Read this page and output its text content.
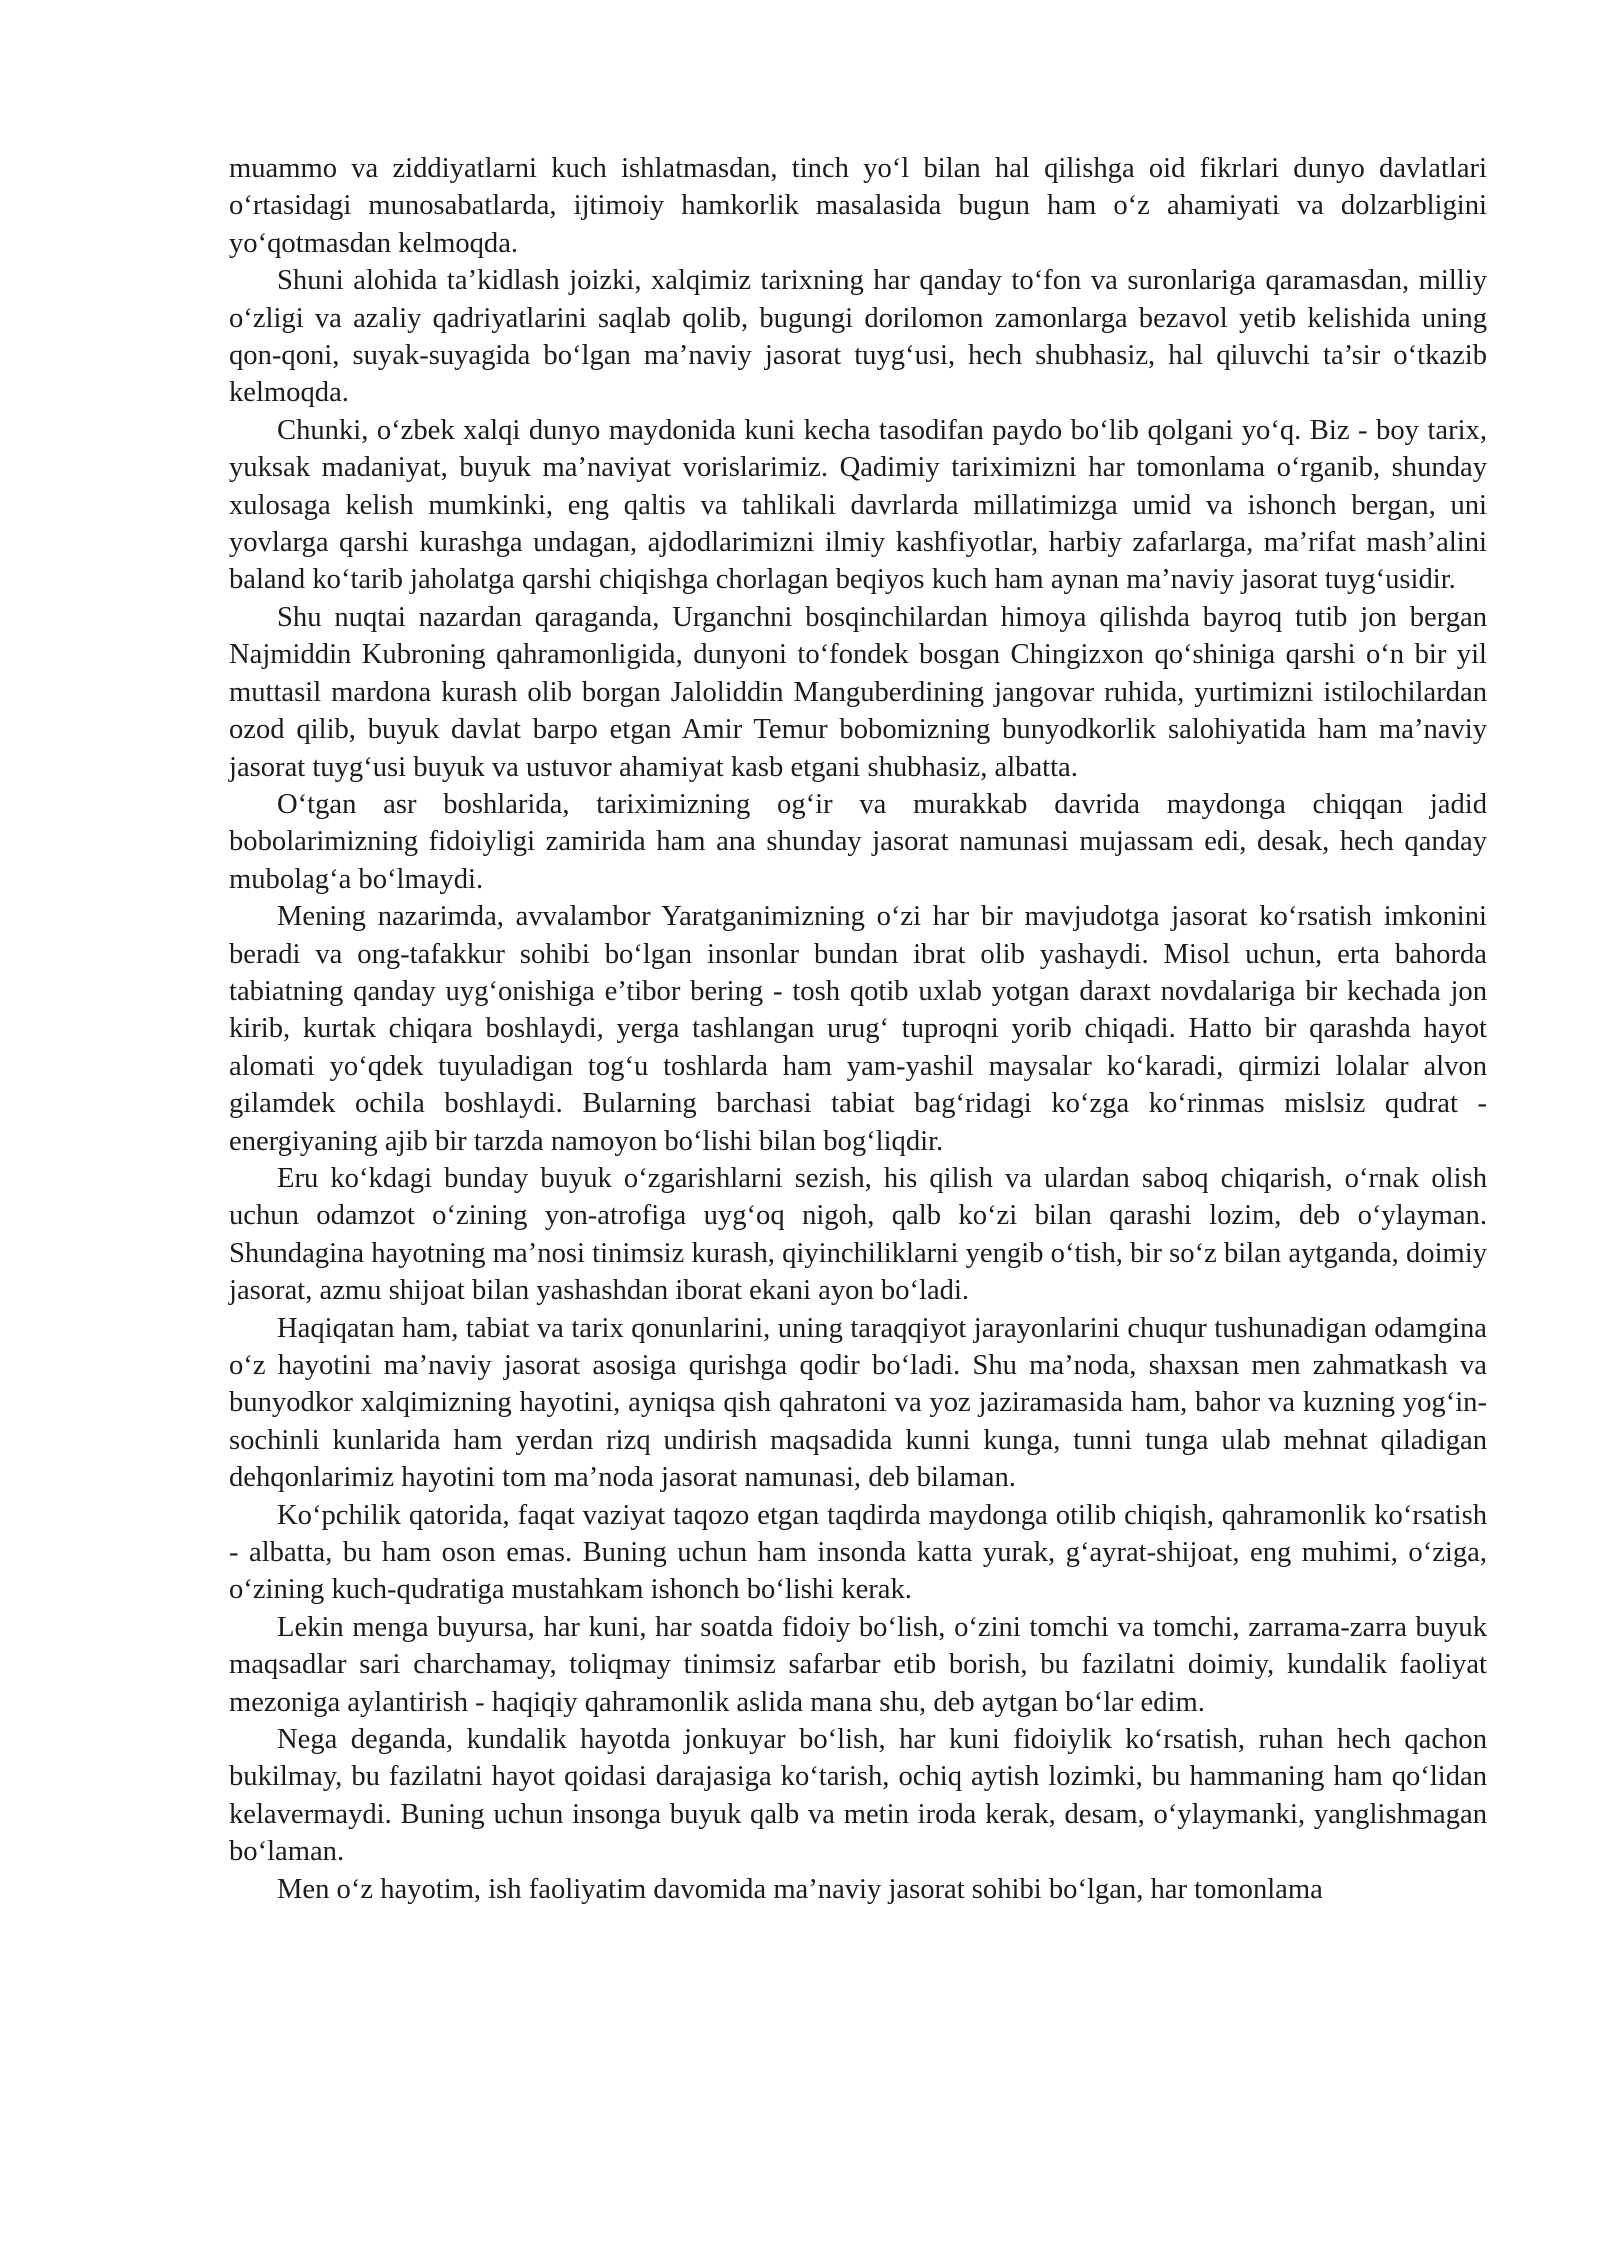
muammo va ziddiyatlarni kuch ishlatmasdan, tinch yo‘l bilan hal qilishga oid fikrlari dunyo davlatlari o‘rtasidagi munosabatlarda, ijtimoiy hamkorlik masalasida bugun ham o‘z ahamiyati va dolzarbligini yo‘qotmasdan kelmoqda.

Shuni alohida ta’kidlash joizki, xalqimiz tarixning har qanday to‘fon va suronlariga qaramasdan, milliy o‘zligi va azaliy qadriyatlarini saqlab qolib, bugungi dorilomon zamonlarga bezavol yetib kelishida uning qon-qoni, suyak-suyagida bo‘lgan ma’naviy jasorat tuyg‘usi, hech shubhasiz, hal qiluvchi ta’sir o‘tkazib kelmoqda.

Chunki, o‘zbek xalqi dunyo maydonida kuni kecha tasodifan paydo bo‘lib qolgani yo‘q. Biz - boy tarix, yuksak madaniyat, buyuk ma’naviyat vorislarimiz. Qadimiy tariximizni har tomonlama o‘rganib, shunday xulosaga kelish mumkinki, eng qaltis va tahlikali davrlarda millatimizga umid va ishonch bergan, uni yovlarga qarshi kurashga undagan, ajdodlarimizni ilmiy kashfiyotlar, harbiy zafarlarga, ma’rifat mash’alini baland ko‘tarib jaholatga qarshi chiqishga chorlagan beqiyos kuch ham aynan ma’naviy jasorat tuyg‘usidir.

Shu nuqtai nazardan qaraganda, Urganchni bosqinchilardan himoya qilishda bayroq tutib jon bergan Najmiddin Kubroning qahramonligida, dunyoni to‘fondek bosgan Chingizxon qo‘shiniga qarshi o‘n bir yil muttasil mardona kurash olib borgan Jaloliddin Manguberdining jangovar ruhida, yurtimizni istilochilardan ozod qilib, buyuk davlat barpo etgan Amir Temur bobomizning bunyodkorlik salohiyatida ham ma’naviy jasorat tuyg‘usi buyuk va ustuvor ahamiyat kasb etgani shubhasiz, albatta.

O‘tgan asr boshlarida, tariximizning og‘ir va murakkab davrida maydonga chiqqan jadid bobolarimizning fidoiyligi zamirida ham ana shunday jasorat namunasi mujassam edi, desak, hech qanday mubolag‘a bo‘lmaydi.

Mening nazarimda, avvalambor Yaratganimizning o‘zi har bir mavjudotga jasorat ko‘rsatish imkonini beradi va ong-tafakkur sohibi bo‘lgan insonlar bundan ibrat olib yashaydi. Misol uchun, erta bahorda tabiatning qanday uyg‘onishiga e’tibor bering - tosh qotib uxlab yotgan daraxt novdalariga bir kechada jon kirib, kurtak chiqara boshlaydi, yerga tashlangan urug‘ tuproqni yorib chiqadi. Hatto bir qarashda hayot alomati yo‘qdek tuyuladigan tog‘u toshlarda ham yam-yashil maysalar ko‘karadi, qirmizi lolalar alvon gilamdek ochila boshlaydi. Bularning barchasi tabiat bag‘ridagi ko‘zga ko‘rinmas mislsiz qudrat -energiyaning ajib bir tarzda namoyon bo‘lishi bilan bog‘liqdir.

Eru ko‘kdagi bunday buyuk o‘zgarishlarni sezish, his qilish va ulardan saboq chiqarish, o‘rnak olish uchun odamzot o‘zining yon-atrofiga uyg‘oq nigoh, qalb ko‘zi bilan qarashi lozim, deb o‘ylayman. Shundagina hayotning ma’nosi tinimsiz kurash, qiyinchiliklarni yengib o‘tish, bir so‘z bilan aytganda, doimiy jasorat, azmu shijoat bilan yashashdan iborat ekani ayon bo‘ladi.

Haqiqatan ham, tabiat va tarix qonunlarini, uning taraqqiyot jarayonlarini chuqur tushunadigan odamgina o‘z hayotini ma’naviy jasorat asosiga qurishga qodir bo‘ladi. Shu ma’noda, shaxsan men zahmatkash va bunyodkor xalqimizning hayotini, ayniqsa qish qahratoni va yoz jaziramasida ham, bahor va kuzning yog‘in-sochinli kunlarida ham yerdan rizq undirish maqsadida kunni kunga, tunni tunga ulab mehnat qiladigan dehqonlarimiz hayotini tom ma’noda jasorat namunasi, deb bilaman.

Ko‘pchilik qatorida, faqat vaziyat taqozo etgan taqdirda maydonga otilib chiqish, qahramonlik ko‘rsatish - albatta, bu ham oson emas. Buning uchun ham insonda katta yurak, g‘ayrat-shijoat, eng muhimi, o‘ziga, o‘zining kuch-qudratiga mustahkam ishonch bo‘lishi kerak.

Lekin menga buyursa, har kuni, har soatda fidoiy bo‘lish, o‘zini tomchi va tomchi, zarrama-zarra buyuk maqsadlar sari charchamay, toliqmay tinimsiz safarbar etib borish, bu fazilatni doimiy, kundalik faoliyat mezoniga aylantirish - haqiqiy qahramonlik aslida mana shu, deb aytgan bo‘lar edim.

Nega deganda, kundalik hayotda jonkuyar bo‘lish, har kuni fidoiylik ko‘rsatish, ruhan hech qachon bukilmay, bu fazilatni hayot qoidasi darajasiga ko‘tarish, ochiq aytish lozimki, bu hammaning ham qo‘lidan kelavermaydi. Buning uchun insonga buyuk qalb va metin iroda kerak, desam, o‘ylaymanki, yanglishmagan bo‘laman.

Men o‘z hayotim, ish faoliyatim davomida ma’naviy jasorat sohibi bo‘lgan, har tomonlama
